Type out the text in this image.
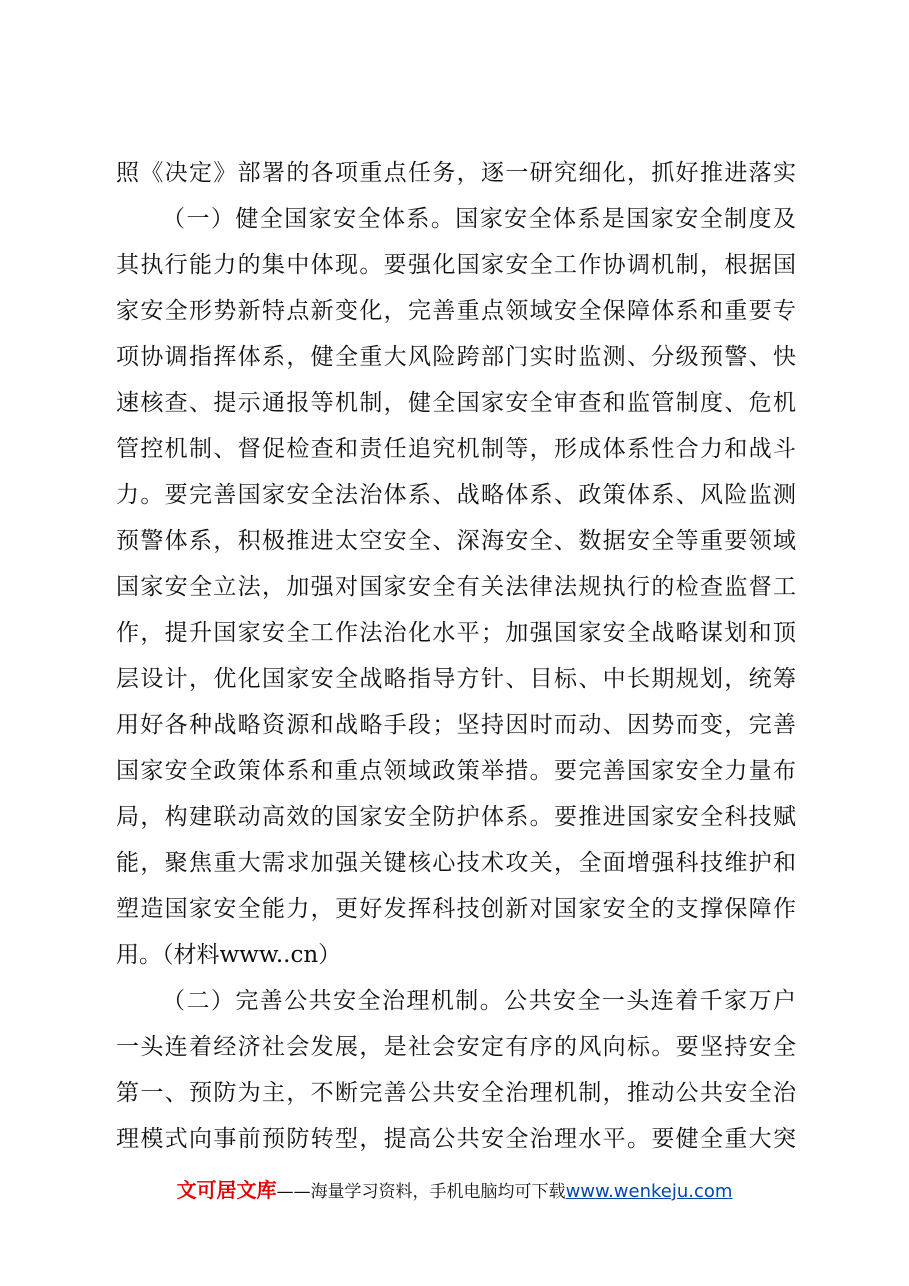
照《决定》部署的各项重点任务，逐一研究细化，抓好推进落实
（一）健全国家安全体系。国家安全体系是国家安全制度及
其执行能力的集中体现。要强化国家安全工作协调机制，根据国
家安全形势新特点新变化，完善重点领域安全保障体系和重要专
项协调指挥体系，健全重大风险跨部门实时监测、分级预警、快
速核查、提示通报等机制，健全国家安全审查和监管制度、危机
管控机制、督促检查和责任追究机制等，形成体系性合力和战斗
力。要完善国家安全法治体系、战略体系、政策体系、风险监测
预警体系，积极推进太空安全、深海安全、数据安全等重要领域
国家安全立法，加强对国家安全有关法律法规执行的检查监督工
作，提升国家安全工作法治化水平；加强国家安全战略谋划和顶
层设计，优化国家安全战略指导方针、目标、中长期规划，统筹
用好各种战略资源和战略手段；坚持因时而动、因势而变，完善
国家安全政策体系和重点领域政策举措。要完善国家安全力量布
局，构建联动高效的国家安全防护体系。要推进国家安全科技赋
能，聚焦重大需求加强关键核心技术攻关，全面增强科技维护和
塑造国家安全能力，更好发挥科技创新对国家安全的支撑保障作
用。（材料www..cn）
（二）完善公共安全治理机制。公共安全一头连着千家万户
一头连着经济社会发展，是社会安定有序的风向标。要坚持安全
第一、预防为主，不断完善公共安全治理机制，推动公共安全治
理模式向事前预防转型，提高公共安全治理水平。要健全重大突
文可居文库——海量学习资料，手机电脑均可下载www.wenkeju.com
